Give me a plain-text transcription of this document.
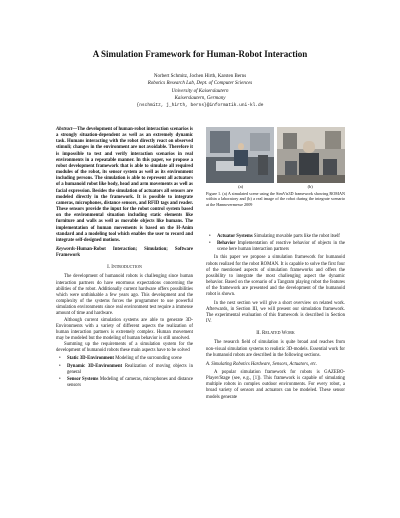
A Simulation Framework for Human-Robot Interaction
Norbert Schmitz, Jochen Hirth, Karsten Berns
Robotics Research Lab, Dept. of Computer Sciences
University of Kaiserslautern
Kaiserslautern, Germany
{nschmitz, j_hirth, berns}@informatik.uni-kl.de

Abstract—The development of human-robot interaction scenarios is a strongly situation-dependent as well as an extremely dynamic task. Humans interacting with the robot directly react on observed stimuli; changes in the environment are not avoidable. Therefore it is impossible to test and verify interaction scenarios in real environments in a repeatable manner. In this paper, we propose a robot development framework that is able to simulate all required modules of the robot, its sensor system as well as its environment including persons. The simulation is able to represent all actuators of a humanoid robot like body, head and arm movements as well as facial expression. Besides the simulation of actuators all sensors are modeled directly in the framework. It is possible to integrate cameras, microphones, distance sensors, and RFID tags and reader. These sensors provide the input for the robot control system based on the environmental situation including static elements like furniture and walls as well as movable objects like humans. The implementation of human movements is based on the H-Anim standard and a modeling tool which enables the user to record and integrate self-designed motions.

Keywords-Human-Robot Interaction; Simulation; Software Framework

I. Introduction

The development of humanoid robots is challenging since human interaction partners do have enormous expectations concerning the abilities of the robot. Additionally current hardware offers possibilities which were unthinkable a few years ago. This development and the complexity of the systems forces the programmer to use powerful simulation environments since real environment test require a immense amount of time and hardware.

Although current simulation systems are able to generate 3D-Environments with a variety of different aspects the realization of human interaction partners is extremely complex. Human movement may be modeled but the modeling of human behavior is still unsolved.

Summing up the requirements of a simulation system for the development of humanoid robots these main aspects have to be solved

• Static 3D-Environment Modeling of the surrounding scene
• Dynamic 3D-Environment Realization of moving objects in general
• Sensor Systems Modeling of cameras, microphones and distance sensors
(a)	(b)

Figure 1. (a) A simulated scene using the SimVis3D framework showing ROMAN within a laboratory and (b) a real image of the robot during the integrate scenario at the Hannovermesse 2009

• Actuator Systems Simulating movable parts like the robot itself
• Behavior Implementation of reactive behavior of objects in the scene here human interaction partners

In this paper we propose a simulation framework for humanoid robots realized for the robot ROMAN. It is capable to solve the first four of the mentioned aspects of simulation frameworks and offers the possibility to integrate the most challenging aspect the dynamic behavior. Based on the scenario of a Tangram playing robot the features of the framework are presented and the development of the humanoid robot is shown.

In the next section we will give a short overview on related work. Afterwards, in Section III, we will present our simulation framework. The experimental evaluation of this framework is described in Section IV.

II. Related Work

The research field of simulation is quite broad and reaches from non-visual simulation systems to realistic 3D-models. Essential work for the humanoid robots are described in the following sections.

A. Simulating Robotics Hardware, Sensors, Actuators, etc.

A popular simulation framework for robots is GAZEBO-Player/Stage (see, e.g., [1]). This framework is capable of simulating multiple robots in complex outdoor environments. For every robot, a broad variety of sensors and actuators can be modeled. These sensor models generate
